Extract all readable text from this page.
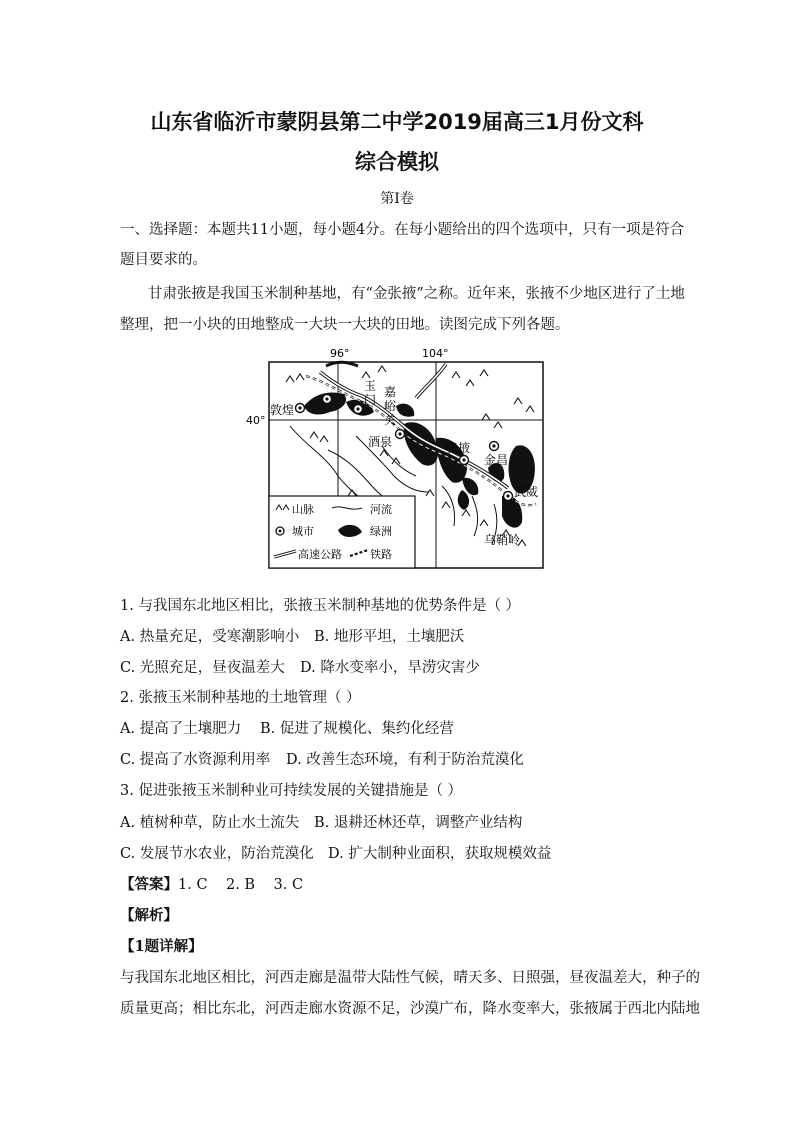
山东省临沂市蒙阴县第二中学2019届高三1月份文科
综合模拟
第Ⅰ卷
一、选择题：本题共11小题，每小题4分。在每小题给出的四个选项中，只有一项是符合
题目要求的。
甘肃张掖是我国玉米制种基地，有“金张掖”之称。近年来，张掖不少地区进行了土地
整理，把一小块的田地整成一大块一大块的田地。读图完成下列各题。
96°	104°
40°
敦煌
玉
门
嘉
峪
关
酒泉	张掖
金昌
武威
乌鞘岭
山脉	河流
城市	绿洲
高速公路	铁路
1. 与我国东北地区相比，张掖玉米制种基地的优势条件是（ ）
A. 热量充足，受寒潮影响小 B. 地形平坦，土壤肥沃
C. 光照充足，昼夜温差大 D. 降水变率小，旱涝灾害少
2. 张掖玉米制种基地的土地管理（ ）
A. 提高了土壤肥力 B. 促进了规模化、集约化经营
C. 提高了水资源利用率 D. 改善生态环境，有利于防治荒漠化
3. 促进张掖玉米制种业可持续发展的关键措施是（ ）
A. 植树种草，防止水土流失 B. 退耕还林还草，调整产业结构
C. 发展节水农业，防治荒漠化 D. 扩大制种业面积，获取规模效益
【答案】1. C    2. B    3. C
【解析】
【1题详解】
与我国东北地区相比，河西走廊是温带大陆性气候，晴天多、日照强，昼夜温差大，种子的
质量更高；相比东北，河西走廊水资源不足，沙漠广布，降水变率大，张掖属于西北内陆地
